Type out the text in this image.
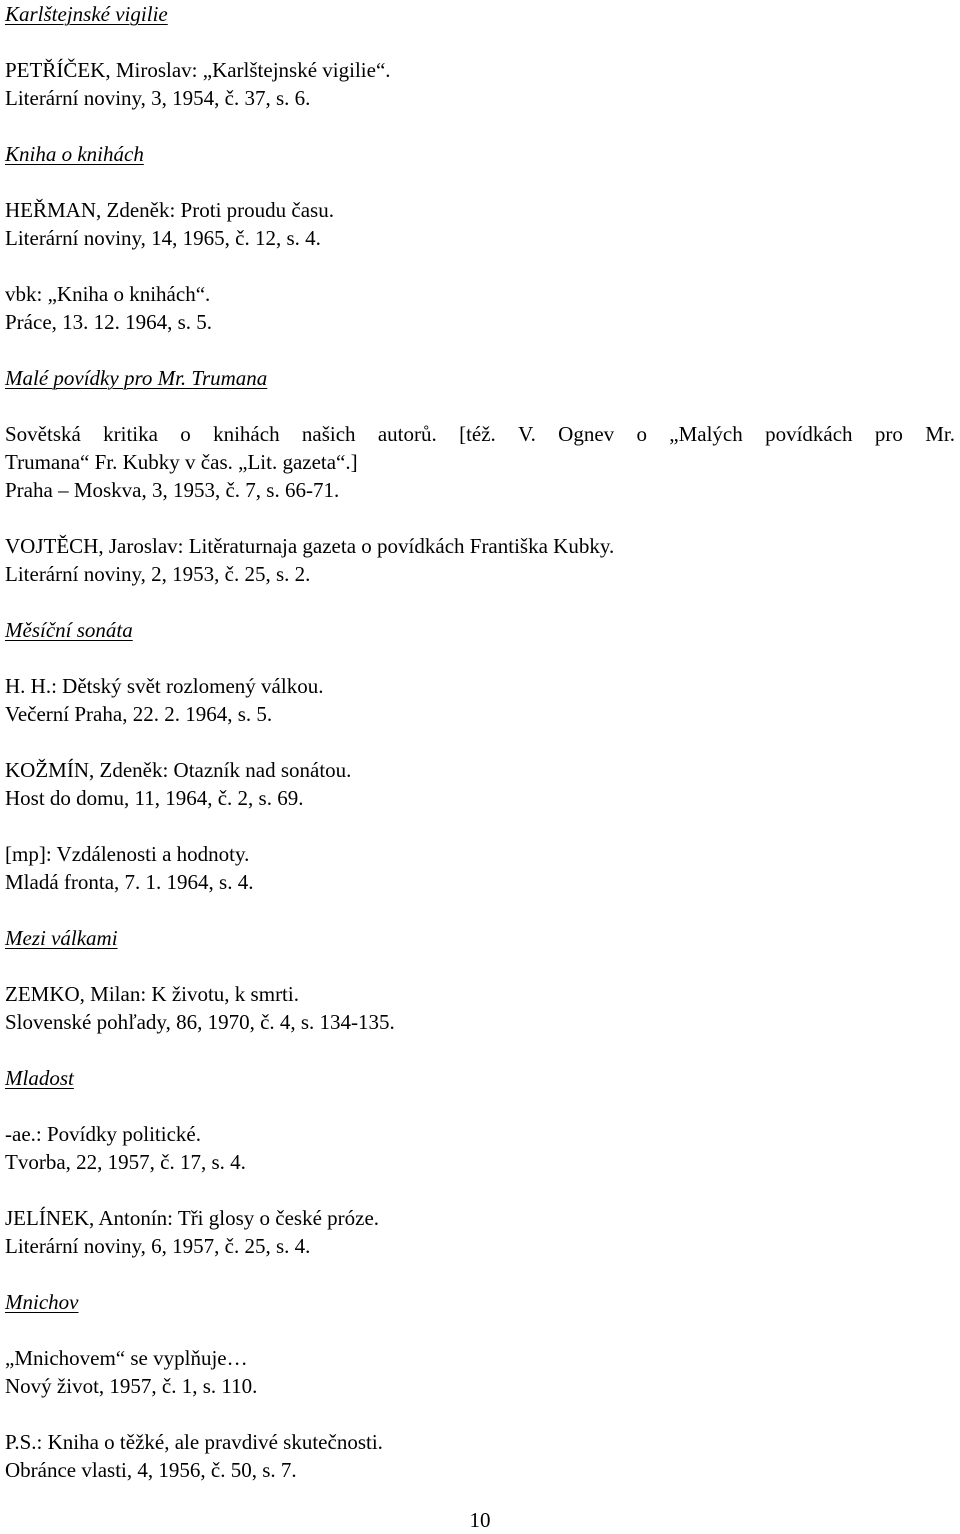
Karlštejnské vigilie
PETŘÍČEK, Miroslav: „Karlštejnské vigilie“.
Literární noviny, 3, 1954, č. 37, s. 6.
Kniha o knihách
HEŘMAN, Zdeněk: Proti proudu času.
Literární noviny, 14, 1965, č. 12, s. 4.
vbk: „Kniha o knihách“.
Práce, 13. 12. 1964, s. 5.
Malé povídky pro Mr. Trumana
Sovětská kritika o knihách našich autorů. [též. V. Ognev o „Malých povídkách pro Mr.
Trumana“ Fr. Kubky v čas. „Lit. gazeta“.]
Praha – Moskva, 3, 1953, č. 7, s. 66-71.
VOJTĚCH, Jaroslav: Litěraturnaja gazeta o povídkách Františka Kubky.
Literární noviny, 2, 1953, č. 25, s. 2.
Měsíční sonáta
H. H.: Dětský svět rozlomený válkou.
Večerní Praha, 22. 2. 1964, s. 5.
KOŽMÍN, Zdeněk: Otazník nad sonátou.
Host do domu, 11, 1964, č. 2, s. 69.
[mp]: Vzdálenosti a hodnoty.
Mladá fronta, 7. 1. 1964, s. 4.
Mezi válkami
ZEMKO, Milan: K životu, k smrti.
Slovenské pohľady, 86, 1970, č. 4, s. 134-135.
Mladost
-ae.: Povídky politické.
Tvorba, 22, 1957, č. 17, s. 4.
JELÍNEK, Antonín: Tři glosy o české próze.
Literární noviny, 6, 1957, č. 25, s. 4.
Mnichov
„Mnichovem“ se vyplňuje…
Nový život, 1957, č. 1, s. 110.
P.S.: Kniha o těžké, ale pravdivé skutečnosti.
Obránce vlasti, 4, 1956, č. 50, s. 7.
10
